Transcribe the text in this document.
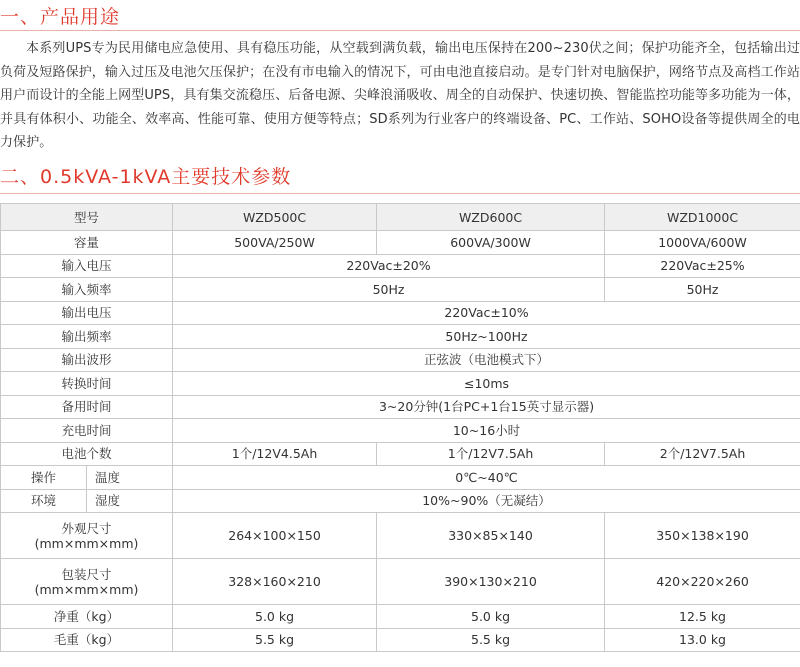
一、产品用途

本系列UPS专为民用储电应急使用、具有稳压功能，从空载到满负载，输出电压保持在200~230伏之间；保护功能齐全，包括输出过负荷及短路保护，输入过压及电池欠压保护；在没有市电输入的情况下，可由电池直接启动。是专门针对电脑保护，网络节点及高档工作站用户而设计的全能上网型UPS，具有集交流稳压、后备电源、尖峰浪涌吸收、周全的自动保护、快速切换、智能监控功能等多功能为一体，并具有体积小、功能全、效率高、性能可靠、使用方便等特点；SD系列为行业客户的终端设备、PC、工作站、SOHO设备等提供周全的电力保护。

二、0.5kVA-1kVA主要技术参数
型号		WZD500C	WZD600C	WZD1000C
容量		500VA/250W	600VA/300W	1000VA/600W
输入电压		220Vac±20%		220Vac±25%
输入频率		50Hz		50Hz
输出电压		220Vac±10%		
输出频率		50Hz~100Hz		
输出波形		正弦波（电池模式下）		
转换时间		≤10ms		
备用时间		3~20分钟(1台PC+1台15英寸显示器)		
充电时间		10~16小时		
电池个数		1个/12V4.5Ah	1个/12V7.5Ah	2个/12V7.5Ah
操作	温度	0℃~40℃		
环境	湿度	10%~90%（无凝结）		

外观尺寸
(mm×mm×mm)		264×100×150	330×85×140	350×138×190

包装尺寸
(mm×mm×mm)		328×160×210	390×130×210	420×220×260
净重（kg）		5.0 kg	5.0 kg	12.5 kg
毛重（kg）		5.5 kg	5.5 kg	13.0 kg
